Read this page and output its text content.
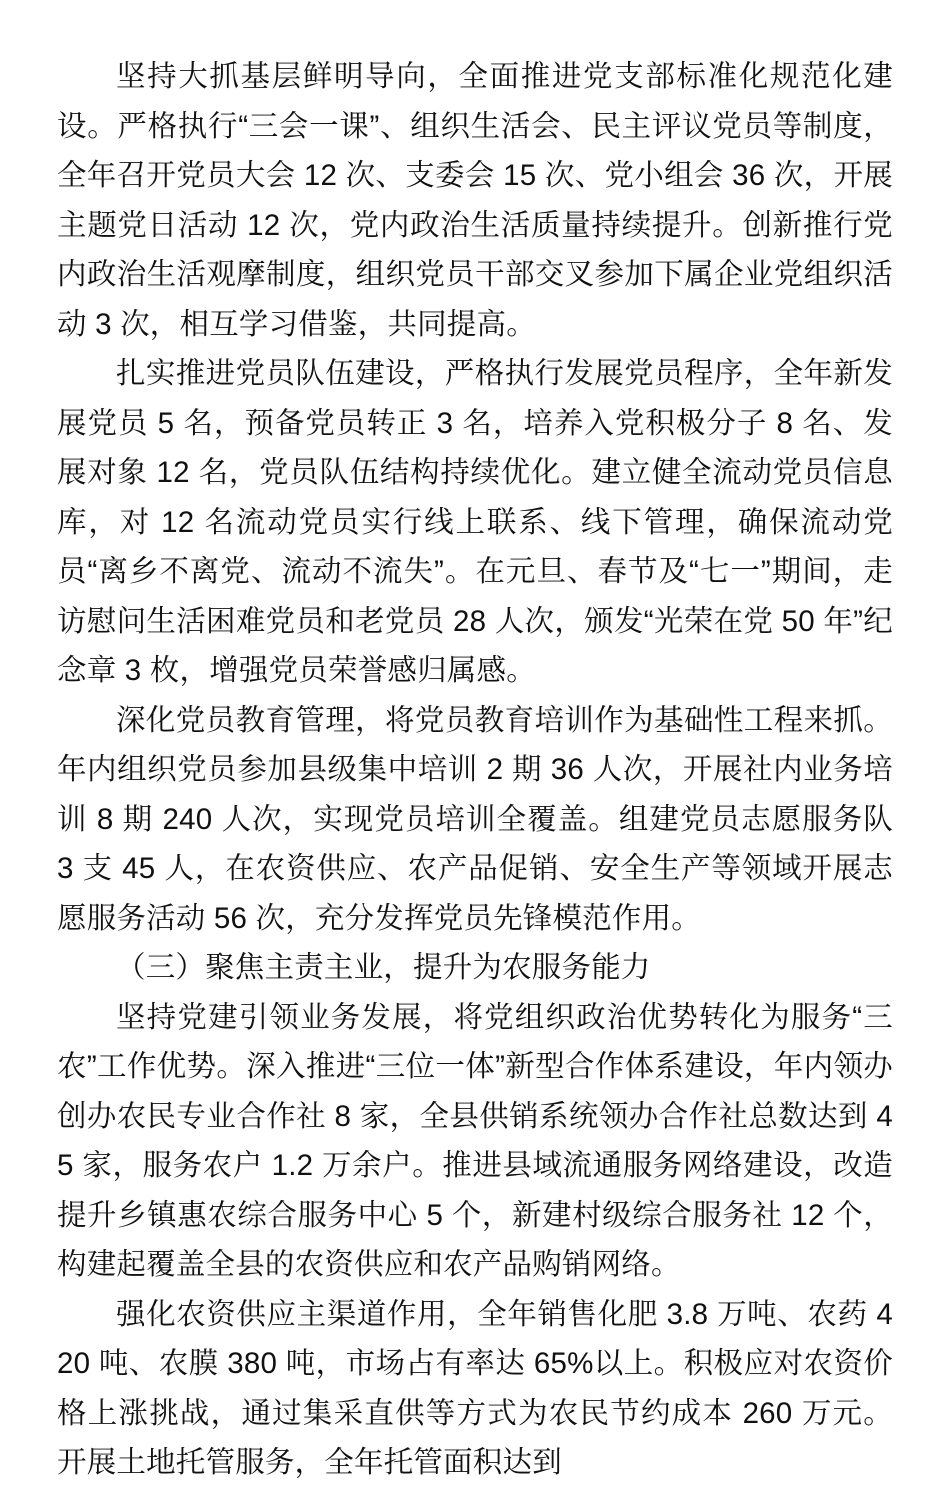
坚持大抓基层鲜明导向，全面推进党支部标准化规范化建设。严格执行“三会一课”、组织生活会、民主评议党员等制度，全年召开党员大会 12 次、支委会 15 次、党小组会 36 次，开展主题党日活动 12 次，党内政治生活质量持续提升。创新推行党内政治生活观摩制度，组织党员干部交叉参加下属企业党组织活动 3 次，相互学习借鉴，共同提高。

扎实推进党员队伍建设，严格执行发展党员程序，全年新发展党员 5 名，预备党员转正 3 名，培养入党积极分子 8 名、发展对象 12 名，党员队伍结构持续优化。建立健全流动党员信息库，对 12 名流动党员实行线上联系、线下管理，确保流动党员“离乡不离党、流动不流失”。在元旦、春节及“七一”期间，走访慰问生活困难党员和老党员 28 人次，颁发“光荣在党 50 年”纪念章 3 枚，增强党员荣誉感归属感。

深化党员教育管理，将党员教育培训作为基础性工程来抓。年内组织党员参加县级集中培训 2 期 36 人次，开展社内业务培训 8 期 240 人次，实现党员培训全覆盖。组建党员志愿服务队 3 支 45 人，在农资供应、农产品促销、安全生产等领域开展志愿服务活动 56 次，充分发挥党员先锋模范作用。

（三）聚焦主责主业，提升为农服务能力

坚持党建引领业务发展，将党组织政治优势转化为服务“三农”工作优势。深入推进“三位一体”新型合作体系建设，年内领办创办农民专业合作社 8 家，全县供销系统领办合作社总数达到 45 家，服务农户 1.2 万余户。推进县域流通服务网络建设，改造提升乡镇惠农综合服务中心 5 个，新建村级综合服务社 12 个，构建起覆盖全县的农资供应和农产品购销网络。

强化农资供应主渠道作用，全年销售化肥 3.8 万吨、农药 420 吨、农膜 380 吨，市场占有率达 65%以上。积极应对农资价格上涨挑战，通过集采直供等方式为农民节约成本 260 万元。开展土地托管服务，全年托管面积达到
